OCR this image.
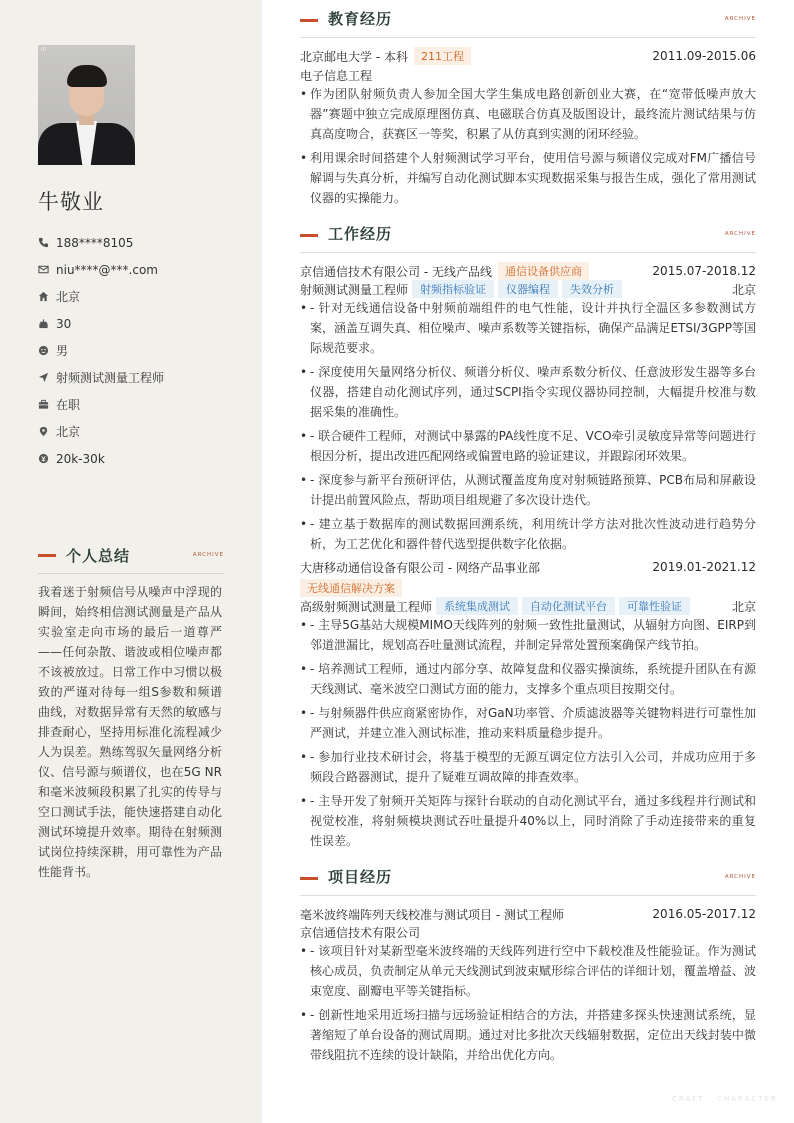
ID
牛敬业
188****8105
niu****@***.com
北京
30
男
射频测试测量工程师
在职
北京
20k-30k
个人总结	ARCHIVE
我着迷于射频信号从噪声中浮现的瞬间，始终相信测试测量是产品从实验室走向市场的最后一道尊严——任何杂散、谐波或相位噪声都不该被放过。日常工作中习惯以极致的严谨对待每一组S参数和频谱曲线，对数据异常有天然的敏感与排查耐心，坚持用标准化流程减少人为误差。熟练驾驭矢量网络分析仪、信号源与频谱仪，也在5G NR和毫米波频段积累了扎实的传导与空口测试手法，能快速搭建自动化测试环境提升效率。期待在射频测试岗位持续深耕，用可靠性为产品性能背书。
教育经历	ARCHIVE
北京邮电大学 - 本科	211工程	2011.09-2015.06
电子信息工程
• 作为团队射频负责人参加全国大学生集成电路创新创业大赛，在“宽带低噪声放大器”赛题中独立完成原理图仿真、电磁联合仿真及版图设计，最终流片测试结果与仿真高度吻合，获赛区一等奖，积累了从仿真到实测的闭环经验。
• 利用课余时间搭建个人射频测试学习平台，使用信号源与频谱仪完成对FM广播信号解调与失真分析，并编写自动化测试脚本实现数据采集与报告生成，强化了常用测试仪器的实操能力。
工作经历	ARCHIVE
京信通信技术有限公司 - 无线产品线	通信设备供应商	2015.07-2018.12
射频测试测量工程师	射频指标验证	仪器编程	失效分析	北京
• - 针对无线通信设备中射频前端组件的电气性能，设计并执行全温区多参数测试方案，涵盖互调失真、相位噪声、噪声系数等关键指标，确保产品满足ETSI/3GPP等国际规范要求。
• - 深度使用矢量网络分析仪、频谱分析仪、噪声系数分析仪、任意波形发生器等多台仪器，搭建自动化测试序列，通过SCPI指令实现仪器协同控制，大幅提升校准与数据采集的准确性。
• - 联合硬件工程师，对测试中暴露的PA线性度不足、VCO牵引灵敏度异常等问题进行根因分析，提出改进匹配网络或偏置电路的验证建议，并跟踪闭环效果。
• - 深度参与新平台预研评估，从测试覆盖度角度对射频链路预算、PCB布局和屏蔽设计提出前置风险点，帮助项目组规避了多次设计迭代。
• - 建立基于数据库的测试数据回溯系统，利用统计学方法对批次性波动进行趋势分析，为工艺优化和器件替代选型提供数字化依据。
大唐移动通信设备有限公司 - 网络产品事业部	2019.01-2021.12
无线通信解决方案
高级射频测试测量工程师	系统集成测试	自动化测试平台	可靠性验证	北京
• - 主导5G基站大规模MIMO天线阵列的射频一致性批量测试，从辐射方向图、EIRP到邻道泄漏比，规划高吞吐量测试流程，并制定异常处置预案确保产线节拍。
• - 培养测试工程师，通过内部分享、故障复盘和仪器实操演练，系统提升团队在有源天线测试、毫米波空口测试方面的能力，支撑多个重点项目按期交付。
• - 与射频器件供应商紧密协作，对GaN功率管、介质滤波器等关键物料进行可靠性加严测试，并建立准入测试标准，推动来料质量稳步提升。
• - 参加行业技术研讨会，将基于模型的无源互调定位方法引入公司，并成功应用于多频段合路器测试，提升了疑难互调故障的排查效率。
• - 主导开发了射频开关矩阵与探针台联动的自动化测试平台，通过多线程并行测试和视觉校准，将射频模块测试吞吐量提升40%以上，同时消除了手动连接带来的重复性误差。
项目经历	ARCHIVE
毫米波终端阵列天线校准与测试项目 - 测试工程师	2016.05-2017.12
京信通信技术有限公司
• - 该项目针对某新型毫米波终端的天线阵列进行空中下载校准及性能验证。作为测试核心成员，负责制定从单元天线测试到波束赋形综合评估的详细计划，覆盖增益、波束宽度、副瓣电平等关键指标。
• - 创新性地采用近场扫描与远场验证相结合的方法，并搭建多探头快速测试系统，显著缩短了单台设备的测试周期。通过对比多批次天线辐射数据，定位出天线封装中微带线阻抗不连续的设计缺陷，并给出优化方向。
CRAFT · CHARACTER
